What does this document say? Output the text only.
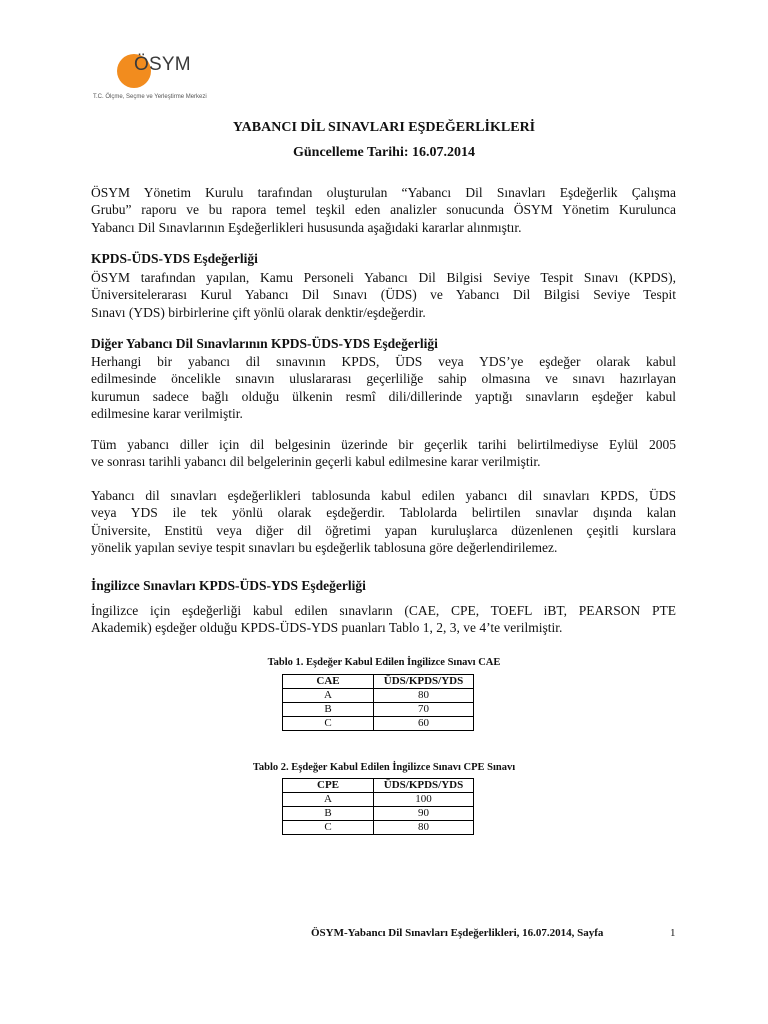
ÖSYM
T.C. Ölçme, Seçme ve Yerleştirme Merkezi
YABANCI DİL SINAVLARI EŞDEĞERLİKLERİ
Güncelleme Tarihi: 16.07.2014
ÖSYM Yönetim Kurulu tarafından oluşturulan “Yabancı Dil Sınavları Eşdeğerlik Çalışma
Grubu” raporu ve bu rapora temel teşkil eden analizler sonucunda ÖSYM Yönetim Kurulunca
Yabancı Dil Sınavlarının Eşdeğerlikleri hususunda aşağıdaki kararlar alınmıştır.
KPDS-ÜDS-YDS Eşdeğerliği
ÖSYM tarafından yapılan, Kamu Personeli Yabancı Dil Bilgisi Seviye Tespit Sınavı (KPDS),
Üniversitelerarası Kurul Yabancı Dil Sınavı (ÜDS) ve Yabancı Dil Bilgisi Seviye Tespit
Sınavı (YDS) birbirlerine çift yönlü olarak denktir/eşdeğerdir.
Diğer Yabancı Dil Sınavlarının KPDS-ÜDS-YDS Eşdeğerliği
Herhangi bir yabancı dil sınavının KPDS, ÜDS veya YDS’ye eşdeğer olarak kabul
edilmesinde öncelikle sınavın uluslararası geçerliliğe sahip olmasına ve sınavı hazırlayan
kurumun sadece bağlı olduğu ülkenin resmî dili/dillerinde yaptığı sınavların eşdeğer kabul
edilmesine karar verilmiştir.
Tüm yabancı diller için dil belgesinin üzerinde bir geçerlik tarihi belirtilmediyse Eylül 2005
ve sonrası tarihli yabancı dil belgelerinin geçerli kabul edilmesine karar verilmiştir.
Yabancı dil sınavları eşdeğerlikleri tablosunda kabul edilen yabancı dil sınavları KPDS, ÜDS
veya YDS ile tek yönlü olarak eşdeğerdir. Tablolarda belirtilen sınavlar dışında kalan
Üniversite, Enstitü veya diğer dil öğretimi yapan kuruluşlarca düzenlenen çeşitli kurslara
yönelik yapılan seviye tespit sınavları bu eşdeğerlik tablosuna göre değerlendirilemez.
İngilizce Sınavları KPDS-ÜDS-YDS Eşdeğerliği
İngilizce için eşdeğerliği kabul edilen sınavların (CAE, CPE, TOEFL iBT, PEARSON PTE
Akademik) eşdeğer olduğu KPDS-ÜDS-YDS puanları Tablo 1, 2, 3, ve 4’te verilmiştir.
Tablo 1. Eşdeğer Kabul Edilen İngilizce Sınavı CAE
CAE	ÜDS/KPDS/YDS
A	80
B	70
C	60
Tablo 2. Eşdeğer Kabul Edilen İngilizce Sınavı CPE Sınavı
CPE	ÜDS/KPDS/YDS
A	100
B	90
C	80
ÖSYM-Yabancı Dil Sınavları Eşdeğerlikleri, 16.07.2014, Sayfa	1
